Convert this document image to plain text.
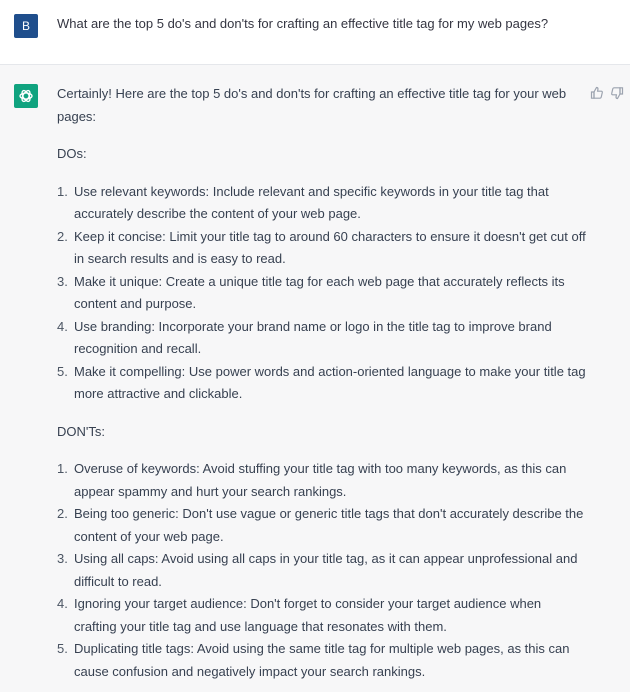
B	What are the top 5 do's and don'ts for crafting an effective title tag for my web pages?

Certainly! Here are the top 5 do's and don'ts for crafting an effective title tag for your web pages:

DOs:

1. Use relevant keywords: Include relevant and specific keywords in your title tag that accurately describe the content of your web page.
2. Keep it concise: Limit your title tag to around 60 characters to ensure it doesn't get cut off in search results and is easy to read.
3. Make it unique: Create a unique title tag for each web page that accurately reflects its content and purpose.
4. Use branding: Incorporate your brand name or logo in the title tag to improve brand recognition and recall.
5. Make it compelling: Use power words and action-oriented language to make your title tag more attractive and clickable.

DON'Ts:

1. Overuse of keywords: Avoid stuffing your title tag with too many keywords, as this can appear spammy and hurt your search rankings.
2. Being too generic: Don't use vague or generic title tags that don't accurately describe the content of your web page.
3. Using all caps: Avoid using all caps in your title tag, as it can appear unprofessional and difficult to read.
4. Ignoring your target audience: Don't forget to consider your target audience when crafting your title tag and use language that resonates with them.
5. Duplicating title tags: Avoid using the same title tag for multiple web pages, as this can cause confusion and negatively impact your search rankings.
